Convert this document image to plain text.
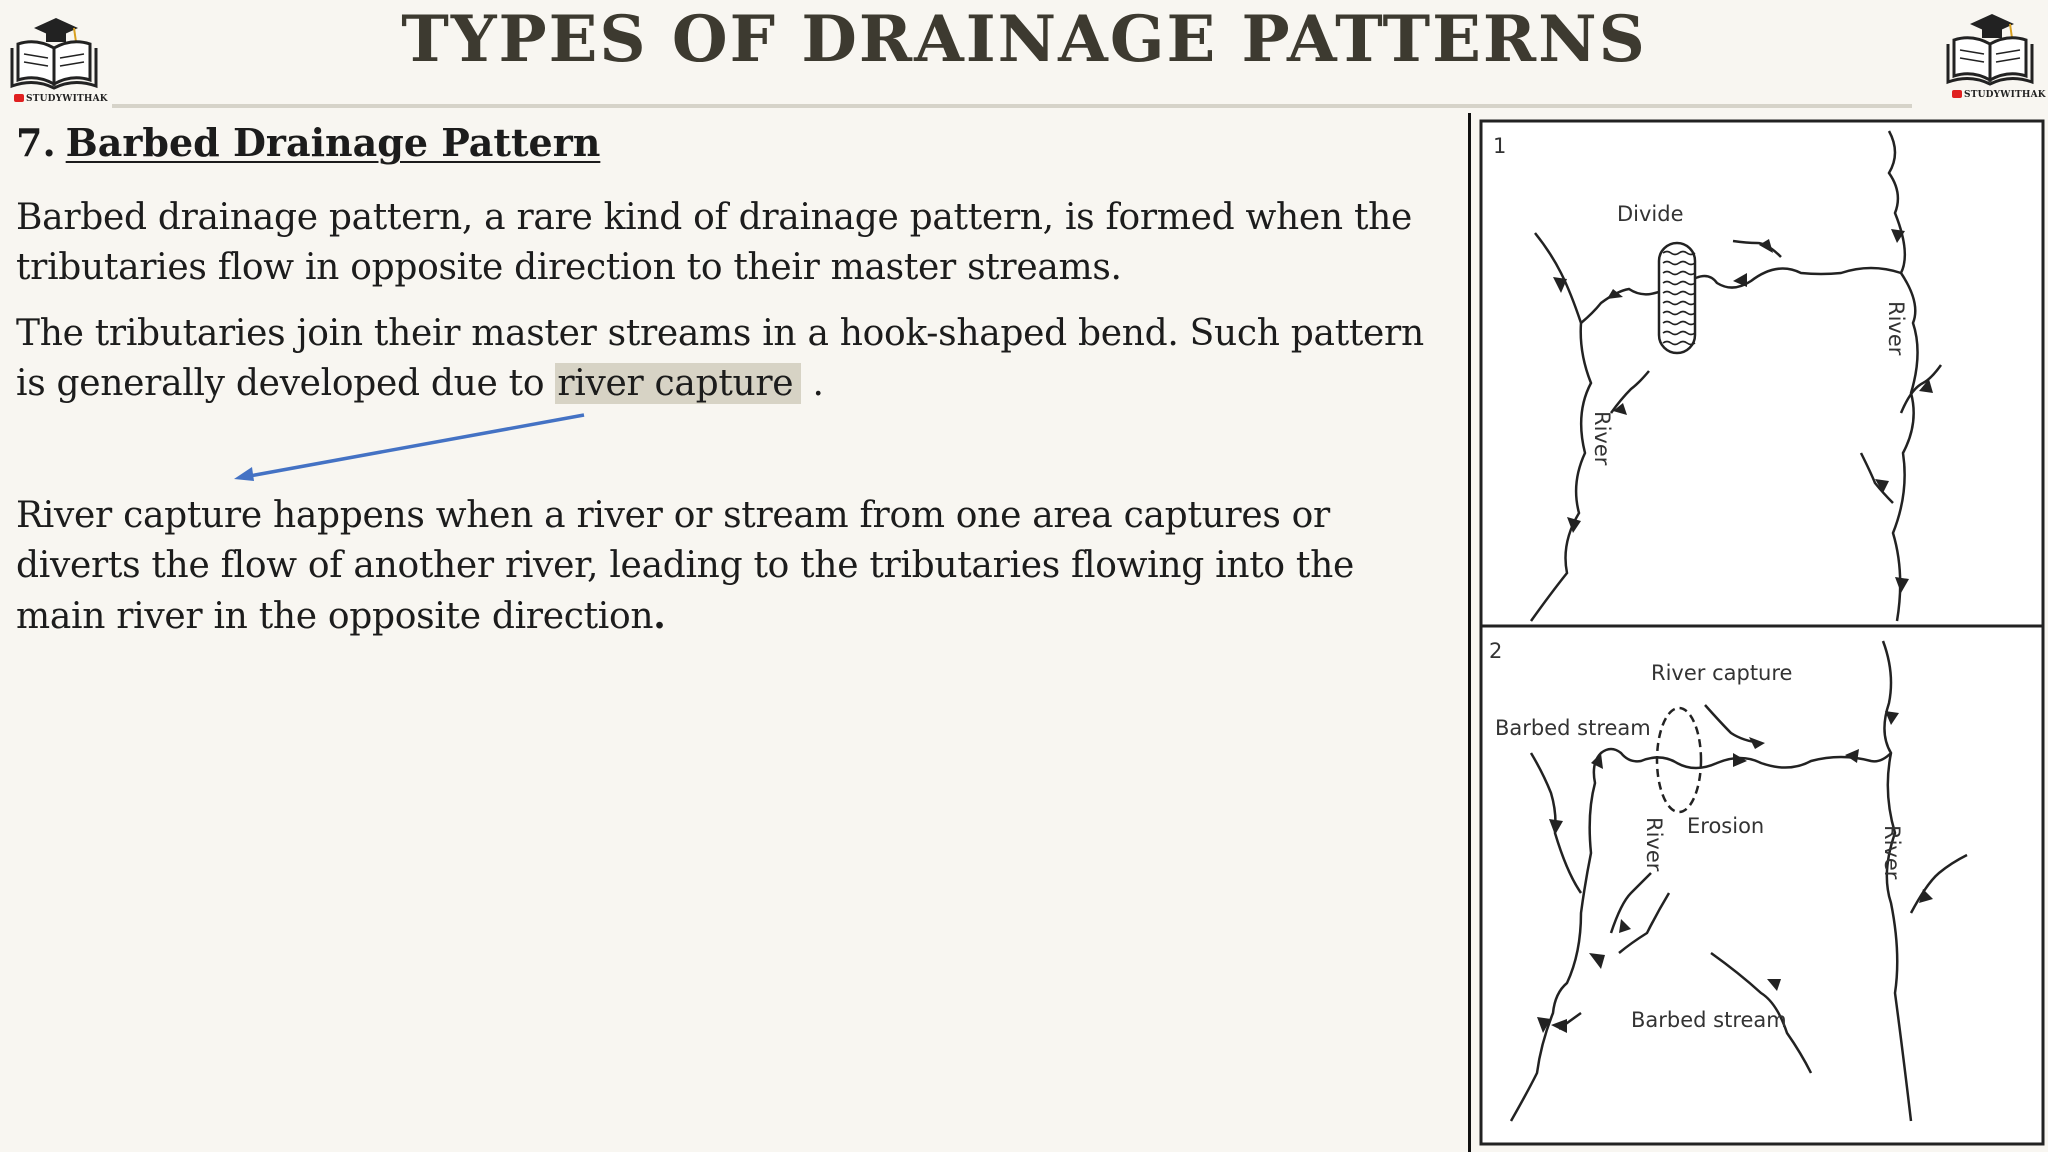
STUDYWITHAK	STUDYWITHAK
TYPES OF DRAINAGE PATTERNS
7. Barbed Drainage Pattern

Barbed drainage pattern, a rare kind of drainage pattern, is formed when the tributaries flow in opposite direction to their master streams.

The tributaries join their master streams in a hook-shaped bend. Such pattern is generally developed due to river capture .

River capture happens when a river or stream from one area captures or diverts the flow of another river, leading to the tributaries flowing into the main river in the opposite direction.

1
Divide
River
River
2
River capture
Barbed stream
Erosion
River	River
Barbed stream
